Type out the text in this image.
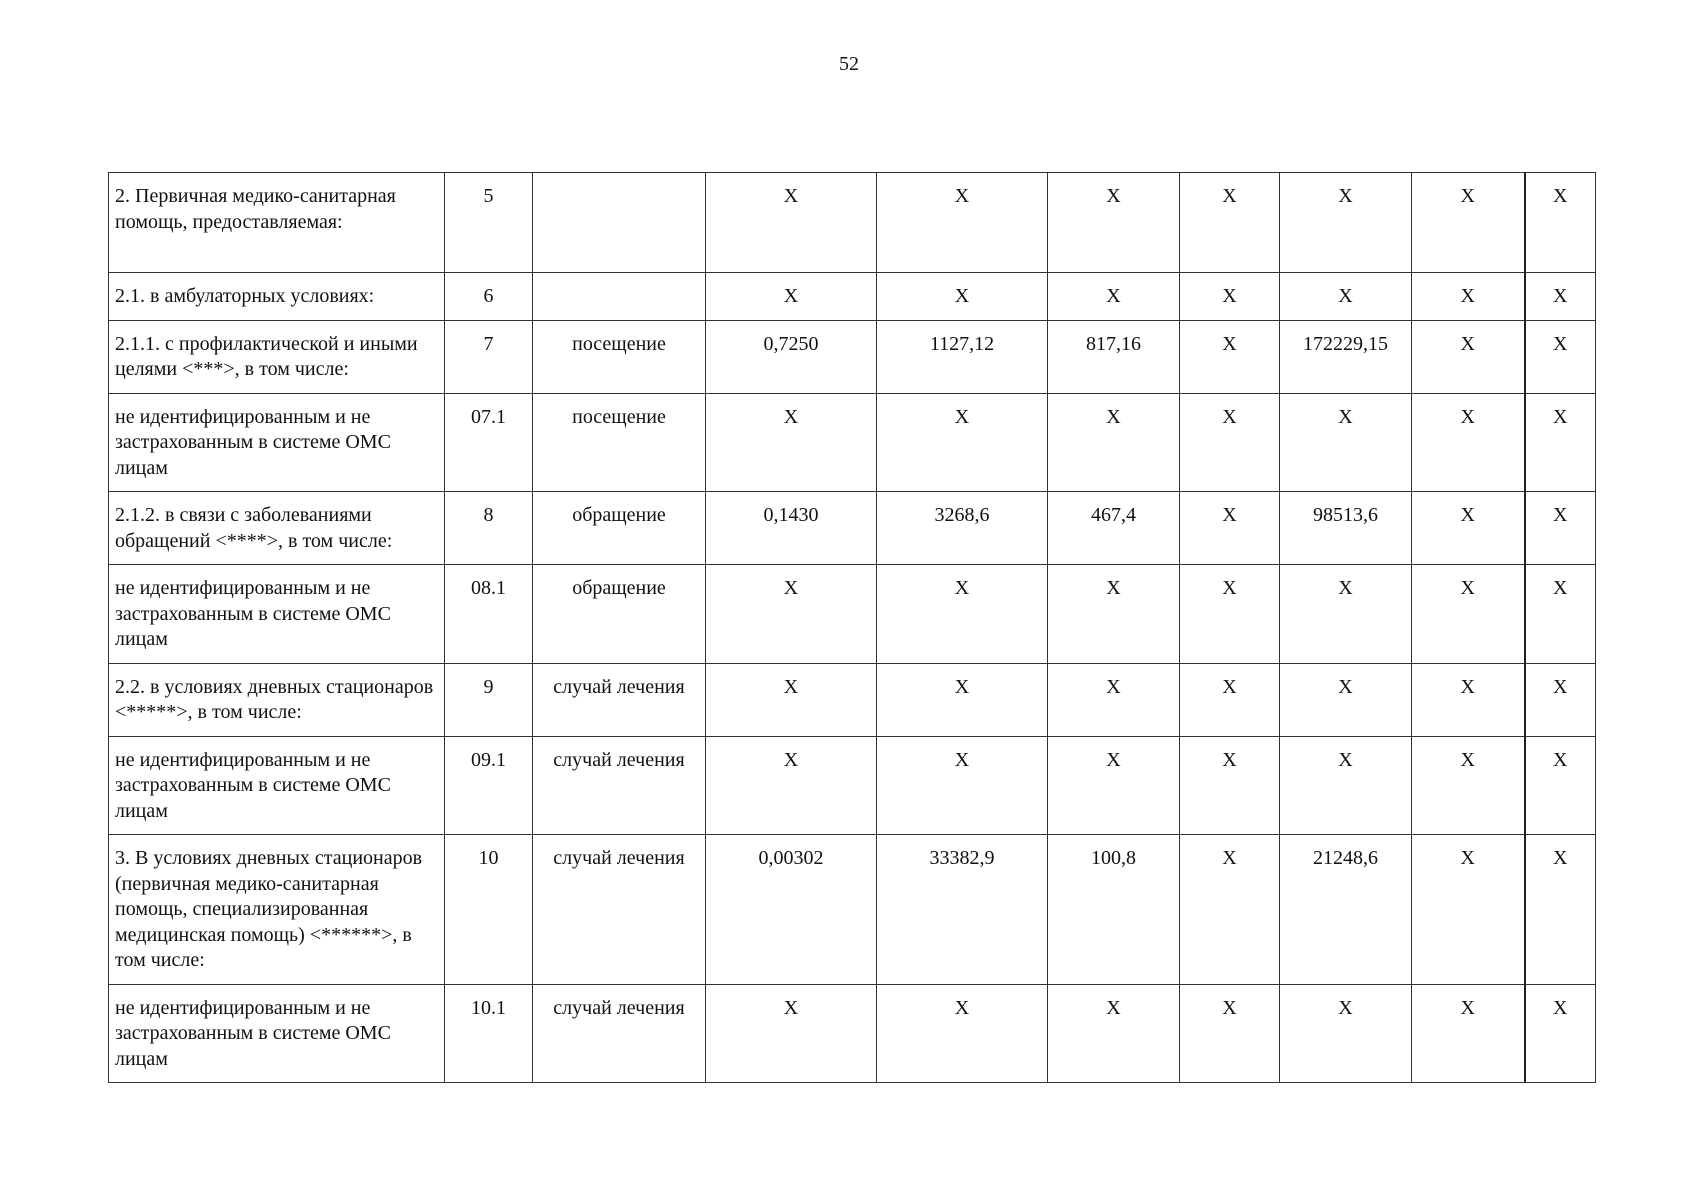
52
2. Первичная медико-санитарная помощь, предоставляемая:	5		X	X	X	X	X	X	X
2.1. в амбулаторных условиях:	6		X	X	X	X	X	X	X
2.1.1. с профилактической и иными целями <***>, в том числе:	7	посещение	0,7250	1127,12	817,16	X	172229,15	X	X
не идентифицированным и не застрахованным в системе ОМС лицам	07.1	посещение	X	X	X	X	X	X	X
2.1.2. в связи с заболеваниями обращений <****>, в том числе:	8	обращение	0,1430	3268,6	467,4	X	98513,6	X	X
не идентифицированным и не застрахованным в системе ОМС лицам	08.1	обращение	X	X	X	X	X	X	X
2.2. в условиях дневных стационаров <*****>, в том числе:	9	случай лечения	X	X	X	X	X	X	X
не идентифицированным и не застрахованным в системе ОМС лицам	09.1	случай лечения	X	X	X	X	X	X	X
3. В условиях дневных стационаров (первичная медико-санитарная помощь, специализированная медицинская помощь) <******>, в том числе:	10	случай лечения	0,00302	33382,9	100,8	X	21248,6	X	X
не идентифицированным и не застрахованным в системе ОМС лицам	10.1	случай лечения	X	X	X	X	X	X	X
